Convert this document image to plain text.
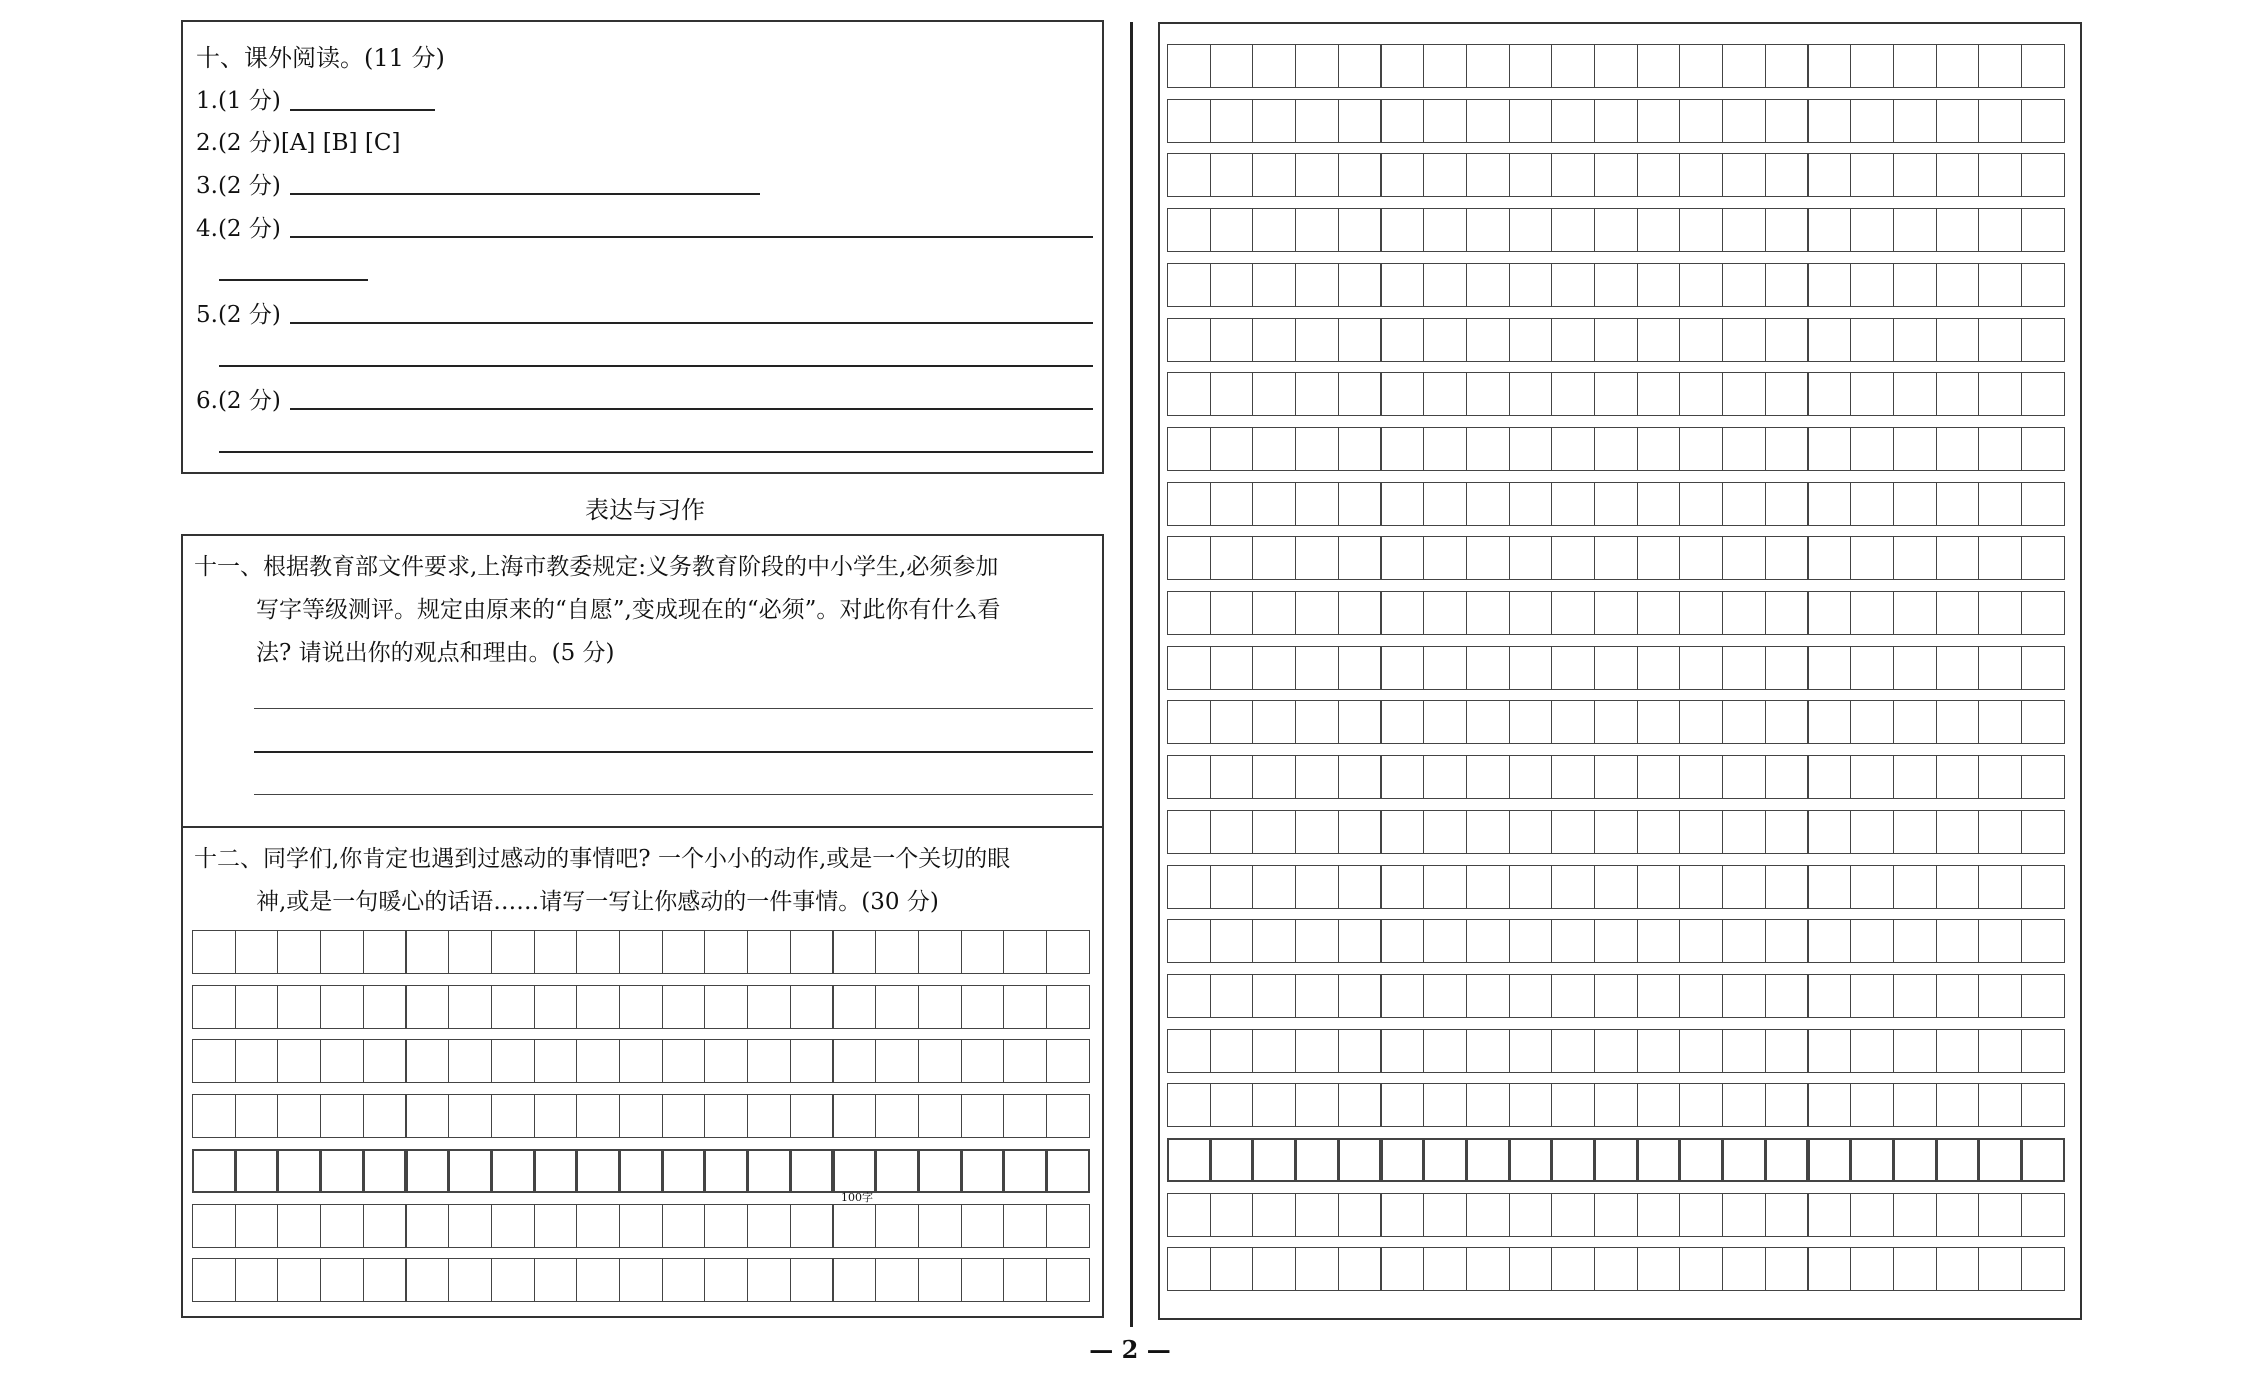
十、课外阅读。(11 分)
1.(1 分)
2.(2 分)[A] [B] [C]
3.(2 分)
4.(2 分)
5.(2 分)
6.(2 分)
表达与习作
十一、根据教育部文件要求,上海市教委规定:义务教育阶段的中小学生,必须参加
写字等级测评。规定由原来的“自愿”,变成现在的“必须”。对此你有什么看
法? 请说出你的观点和理由。(5 分)
十二、同学们,你肯定也遇到过感动的事情吧? 一个小小的动作,或是一个关切的眼
神,或是一句暖心的话语……请写一写让你感动的一件事情。(30 分)
100字
— 2 —
